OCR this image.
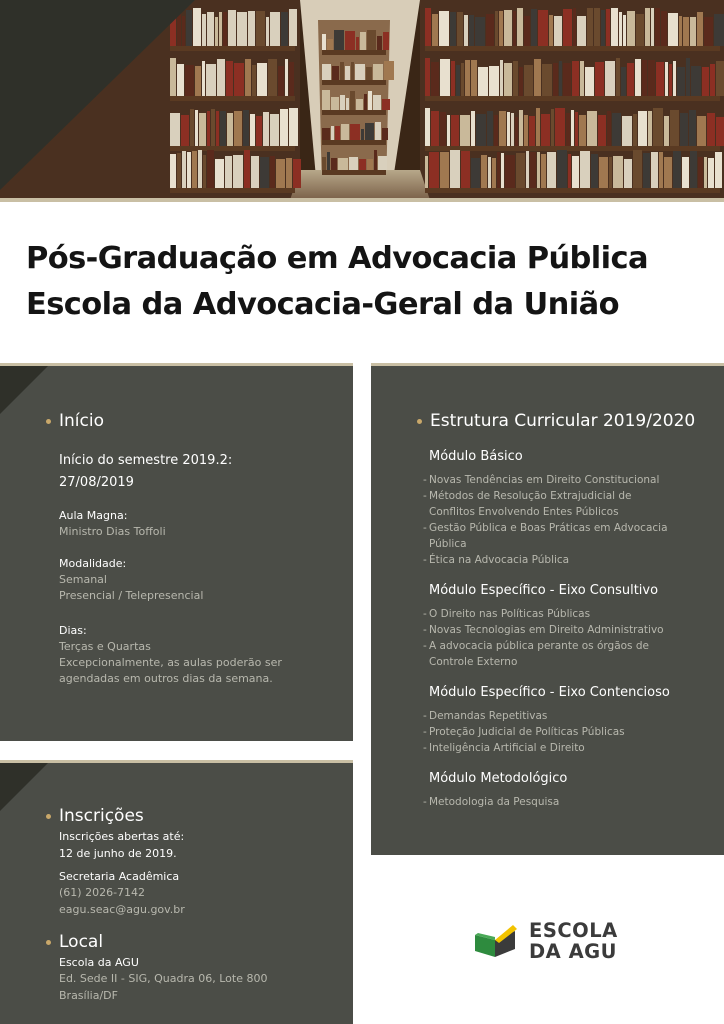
Pós-Graduação em Advocacia Pública
Escola da Advocacia-Geral da União
Início
Início do semestre 2019.2:
27/08/2019
Aula Magna:
Ministro Dias Toffoli
Modalidade:
Semanal
Presencial / Telepresencial
Dias:
Terças e Quartas
Excepcionalmente, as aulas poderão ser
agendadas em outros dias da semana.
Inscrições
Inscrições abertas até:
12 de junho de 2019.
Secretaria Acadêmica
(61) 2026-7142
eagu.seac@agu.gov.br
Local
Escola da AGU
Ed. Sede II - SIG, Quadra 06, Lote 800
Brasília/DF
Estrutura Curricular 2019/2020
Módulo Básico
- Novas Tendências em Direito Constitucional
- Métodos de Resolução Extrajudicial de
Conflitos Envolvendo Entes Públicos
- Gestão Pública e Boas Práticas em Advocacia
Pública
- Ética na Advocacia Pública
Módulo Específico - Eixo Consultivo
- O Direito nas Políticas Públicas
- Novas Tecnologias em Direito Administrativo
- A advocacia pública perante os órgãos de
Controle Externo
Módulo Específico - Eixo Contencioso
- Demandas Repetitivas
- Proteção Judicial de Políticas Públicas
- Inteligência Artificial e Direito
Módulo Metodológico
- Metodologia da Pesquisa
ESCOLA
DA AGU
